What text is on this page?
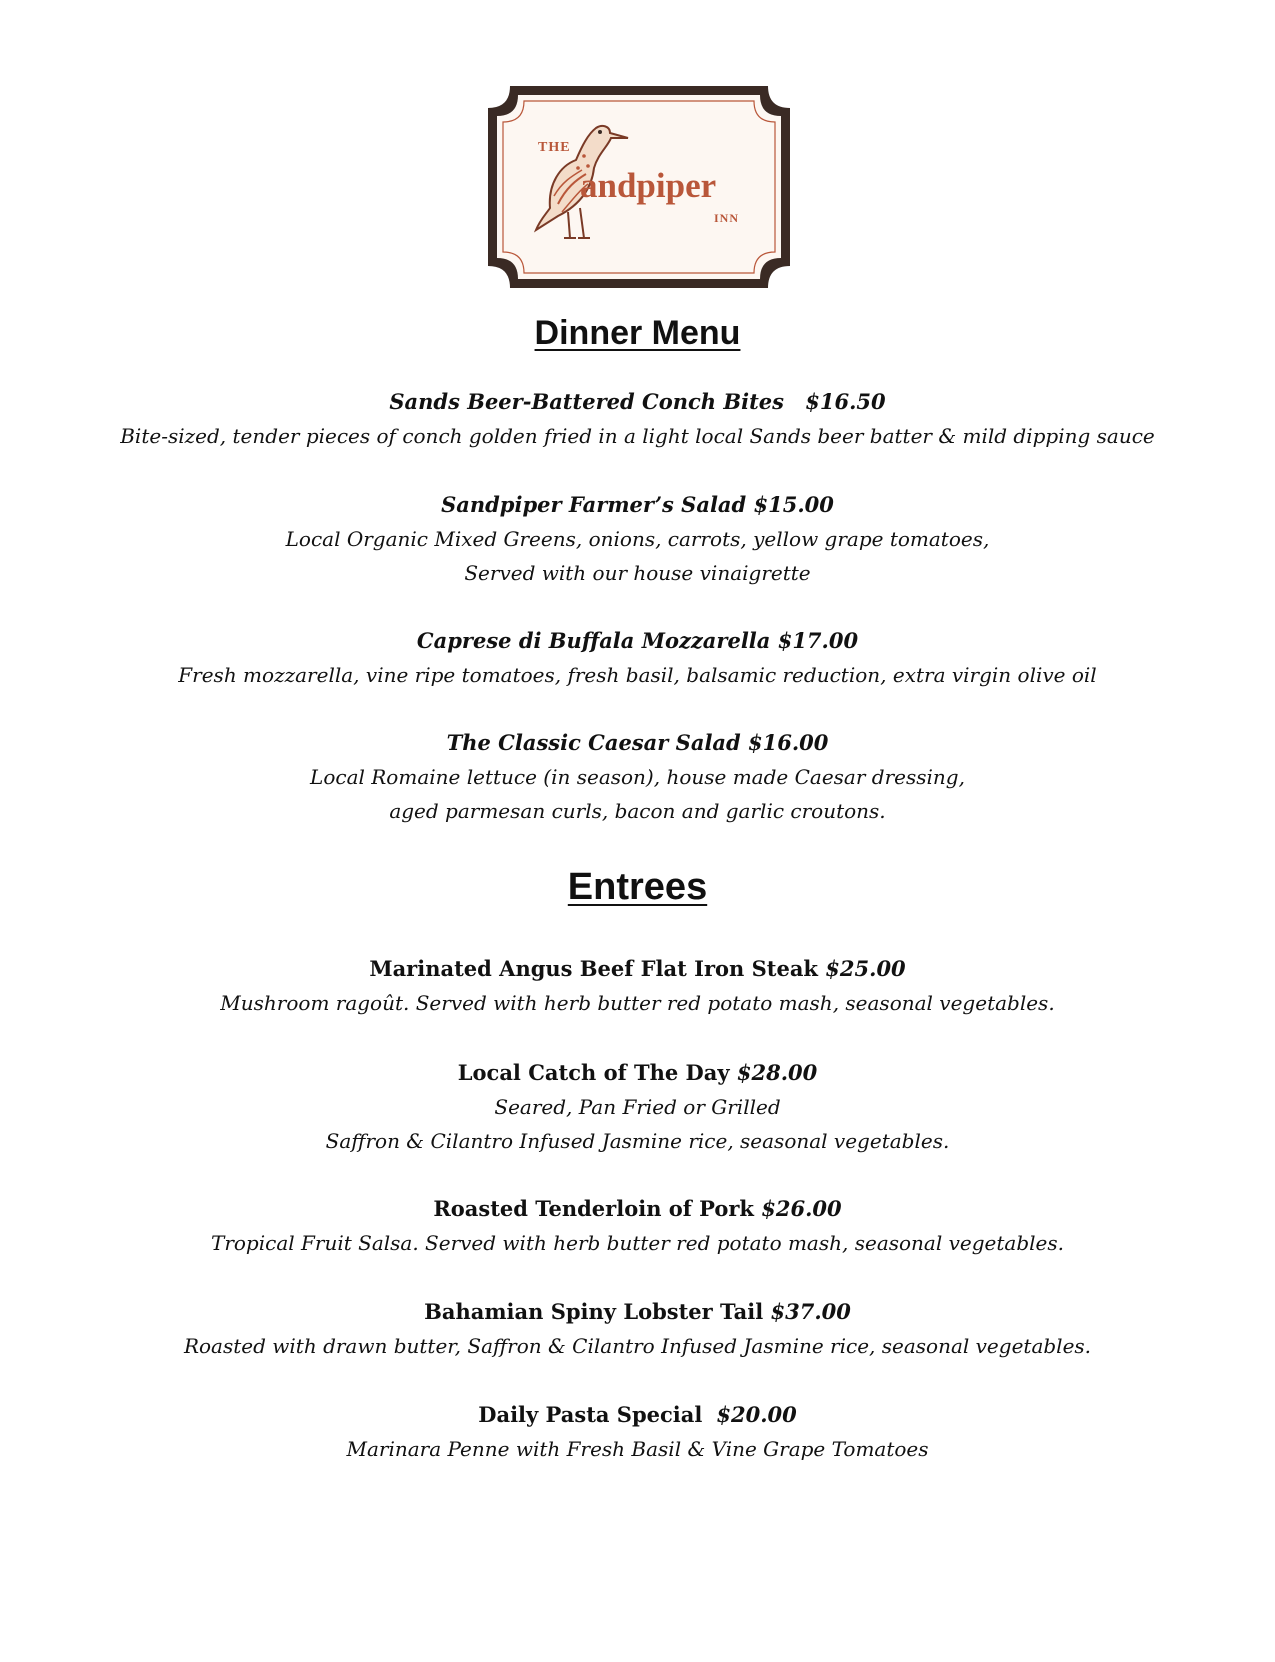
THE
andpiper
INN
Dinner Menu
Sands Beer-Battered Conch Bites $16.50
Bite-sized, tender pieces of conch golden fried in a light local Sands beer batter & mild dipping sauce
Sandpiper Farmer’s Salad $15.00
Local Organic Mixed Greens, onions, carrots, yellow grape tomatoes,
Served with our house vinaigrette
Caprese di Buffala Mozzarella $17.00
Fresh mozzarella, vine ripe tomatoes, fresh basil, balsamic reduction, extra virgin olive oil
The Classic Caesar Salad $16.00
Local Romaine lettuce (in season), house made Caesar dressing,
aged parmesan curls, bacon and garlic croutons.
Entrees
Marinated Angus Beef Flat Iron Steak $25.00
Mushroom ragoût. Served with herb butter red potato mash, seasonal vegetables.
Local Catch of The Day $28.00
Seared, Pan Fried or Grilled
Saffron & Cilantro Infused Jasmine rice, seasonal vegetables.
Roasted Tenderloin of Pork $26.00
Tropical Fruit Salsa. Served with herb butter red potato mash, seasonal vegetables.
Bahamian Spiny Lobster Tail $37.00
Roasted with drawn butter, Saffron & Cilantro Infused Jasmine rice, seasonal vegetables.
Daily Pasta Special $20.00
Marinara Penne with Fresh Basil & Vine Grape Tomatoes
